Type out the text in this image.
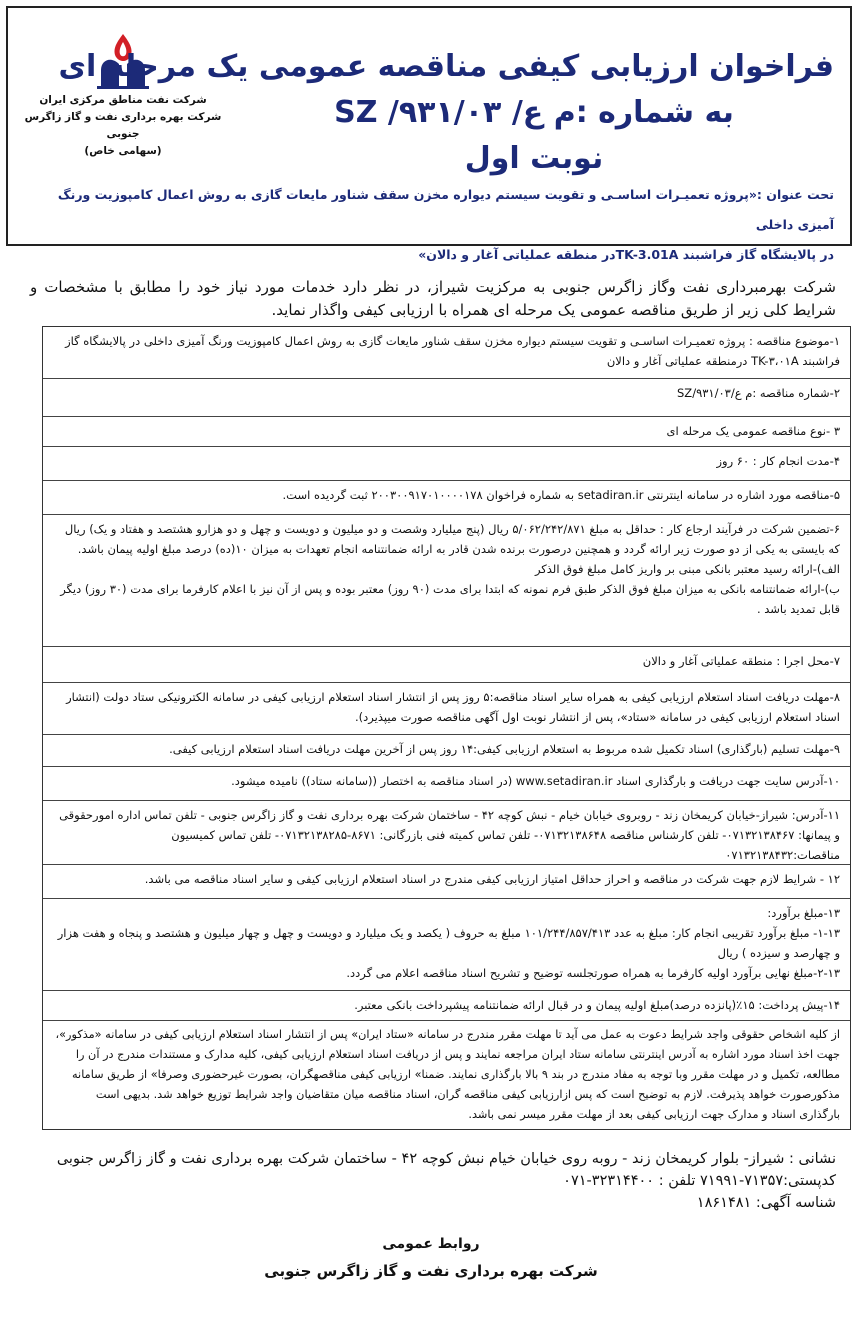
شرکت نفت مناطق مرکزی ایران
شرکت بهره برداری نفت و گاز زاگرس جنوبی
(سهامی خاص)
فراخوان ارزیابی کیفی مناقصه عمومی یک مرحله ای
به شماره :م ع/ ۹۳۱/۰۳/ SZ
نوبت اول
تحت عنوان :«پروژه تعمیـرات اساسـی و تقویت سیستم دیواره مخزن سقف شناور مایعات گازی به روش اعمال کامپوزیت ورنگ آمیزی داخلی
در پالایشگاه گاز فراشبند TK-3.01Aدر منطقه عملیاتی آغار و دالان»
شرکت بهرمبرداری نفت وگاز زاگرس جنوبی به مرکزیت شیراز، در نظر دارد خدمات مورد نیاز خود را مطابق با مشخصات و شرایط کلی زیر از طریق مناقصه عمومی یک مرحله ای همراه با ارزیابی کیفی واگذار نماید.
۱-موضوع مناقصه : پروژه تعمیـرات اساسـی و تقویت سیستم دیواره مخزن سقف شناور مایعات گازی به روش اعمال کامپوزیت ورنگ آمیزی داخلی در پالایشگاه گاز فراشبند TK-۳،۰۱A درمنطقه عملیاتی آغار و دالان
۲-شماره مناقصه :م ع/۹۳۱/۰۳/SZ
۳ -نوع مناقصه عمومی یک مرحله ای
۴-مدت انجام کار : ۶۰ روز
۵-مناقصه مورد اشاره در سامانه اینترنتی setadiran.ir به شماره فراخوان ۲۰۰۳۰۰۹۱۷۰۱۰۰۰۰۱۷۸ ثبت گردیده است.

۶-تضمین شرکت در فرآیند ارجاع کار : حداقل به مبلغ ۵/۰۶۲/۲۴۲/۸۷۱ ریال (پنج میلیارد وشصت و دو میلیون و دویست و چهل و دو هزارو هشتصد و هفتاد و یک) ریال که بایستی به یکی از دو صورت زیر ارائه گردد و همچنین درصورت برنده شدن قادر به ارائه ضمانتنامه انجام تعهدات به میزان ۱۰(ده) درصد مبلغ اولیه پیمان باشد.

الف)-ارائه رسید معتبر بانکی مبنی بر واریز کامل مبلغ فوق الذکر

ب)-ارائه ضمانتنامه بانکی به میزان مبلغ فوق الذکر طبق فرم نمونه که ابتدا برای مدت (۹۰ روز) معتبر بوده و پس از آن نیز با اعلام کارفرما برای مدت (۳۰ روز) دیگر قابل تمدید باشد .

۷-محل اجرا : منطقه عملیاتی آغار و دالان
۸-مهلت دریافت اسناد استعلام ارزیابی کیفی به همراه سایر اسناد مناقصه:۵ روز پس از انتشار اسناد استعلام ارزیابی کیفی در سامانه الکترونیکی ستاد دولت (انتشار اسناد استعلام ارزیابی کیفی در سامانه «ستاد»، پس از انتشار نوبت اول آگهی مناقصه صورت میپذیرد).
۹-مهلت تسلیم (بارگذاری) اسناد تکمیل شده مربوط به استعلام ارزیابی کیفی:۱۴ روز پس از آخرین مهلت دریافت اسناد استعلام ارزیابی کیفی.
۱۰-آدرس سایت جهت دریافت و بارگذاری اسناد www.setadiran.ir (در اسناد مناقصه به اختصار ((سامانه ستاد)) نامیده میشود.
۱۱-آدرس: شیراز-خیابان کریمخان زند - روبروی خیابان خیام - نبش کوچه ۴۲ - ساختمان شرکت بهره برداری نفت و گاز زاگرس جنوبی - تلفن تماس اداره امورحقوقی و پیمانها: ۰۷۱۳۲۱۳۸۴۶۷- تلفن کارشناس مناقصه ۰۷۱۳۲۱۳۸۶۴۸- تلفن تماس کمیته فنی بازرگانی: ۸۶۷۱-۰۷۱۳۲۱۳۸۲۸۵- تلفن تماس کمیسیون مناقصات:۰۷۱۳۲۱۳۸۴۳۲
۱۲ - شرایط لازم جهت شرکت در مناقصه و احراز حداقل امتیاز ارزیابی کیفی مندرج در اسناد استعلام ارزیابی کیفی و سایر اسناد مناقصه می باشد.

۱۳-مبلغ برآورد:

۱-۱۳- مبلغ برآورد تقریبی انجام کار: مبلغ به عدد ۱۰۱/۲۴۴/۸۵۷/۴۱۳ مبلغ به حروف ( یکصد و یک میلیارد و دویست و چهل و چهار میلیون و هشتصد و پنجاه و هفت هزار و چهارصد و سیزده ) ریال

۲-۱۳-مبلغ نهایی برآورد اولیه کارفرما به همراه صورتجلسه توضیح و تشریح اسناد مناقصه اعلام می گردد.

۱۴-پیش پرداخت: ۱۵٪(پانزده درصد)مبلغ اولیه پیمان و در قبال ارائه ضمانتنامه پیشپرداخت بانکی معتبر.
از کلیه اشخاص حقوقی واجد شرایط دعوت به عمل می آید تا مهلت مقرر مندرج در سامانه «ستاد ایران» پس از انتشار اسناد استعلام ارزیابی کیفی در سامانه «مذکور»، جهت اخذ اسناد مورد اشاره به آدرس اینترنتی سامانه ستاد ایران مراجعه نمایند و پس از دریافت اسناد استعلام ارزیابی کیفی، کلیه مدارک و مستندات مندرج در آن را مطالعه، تکمیل و در مهلت مقرر وبا توجه به مفاد مندرج در بند ۹ بالا بارگذاری نمایند. ضمنا» ارزیابی کیفی مناقصهگران، بصورت غیرحضوری وصرفا» از طریق سامانه مذکورصورت خواهد پذیرفت. لازم به توضیح است که پس ازارزیابی کیفی مناقصه گران، اسناد مناقصه میان متقاضیان واجد شرایط توزیع خواهد شد. بدیهی است بارگذاری اسناد و مدارک جهت ارزیابی کیفی بعد از مهلت مقرر میسر نمی باشد.
نشانی : شیراز- بلوار کریمخان زند - روبه روی خیابان خیام نبش کوچه ۴۲ - ساختمان شرکت بهره برداری نفت و گاز زاگرس جنوبی
کدپستی:۷۱۳۵۷-۷۱۹۹۱ تلفن : ۳۲۳۱۴۴۰۰-۰۷۱
شناسه آگهی: ۱۸۶۱۴۸۱
روابط عمومی
شرکت بهره برداری نفت و گاز زاگرس جنوبی
